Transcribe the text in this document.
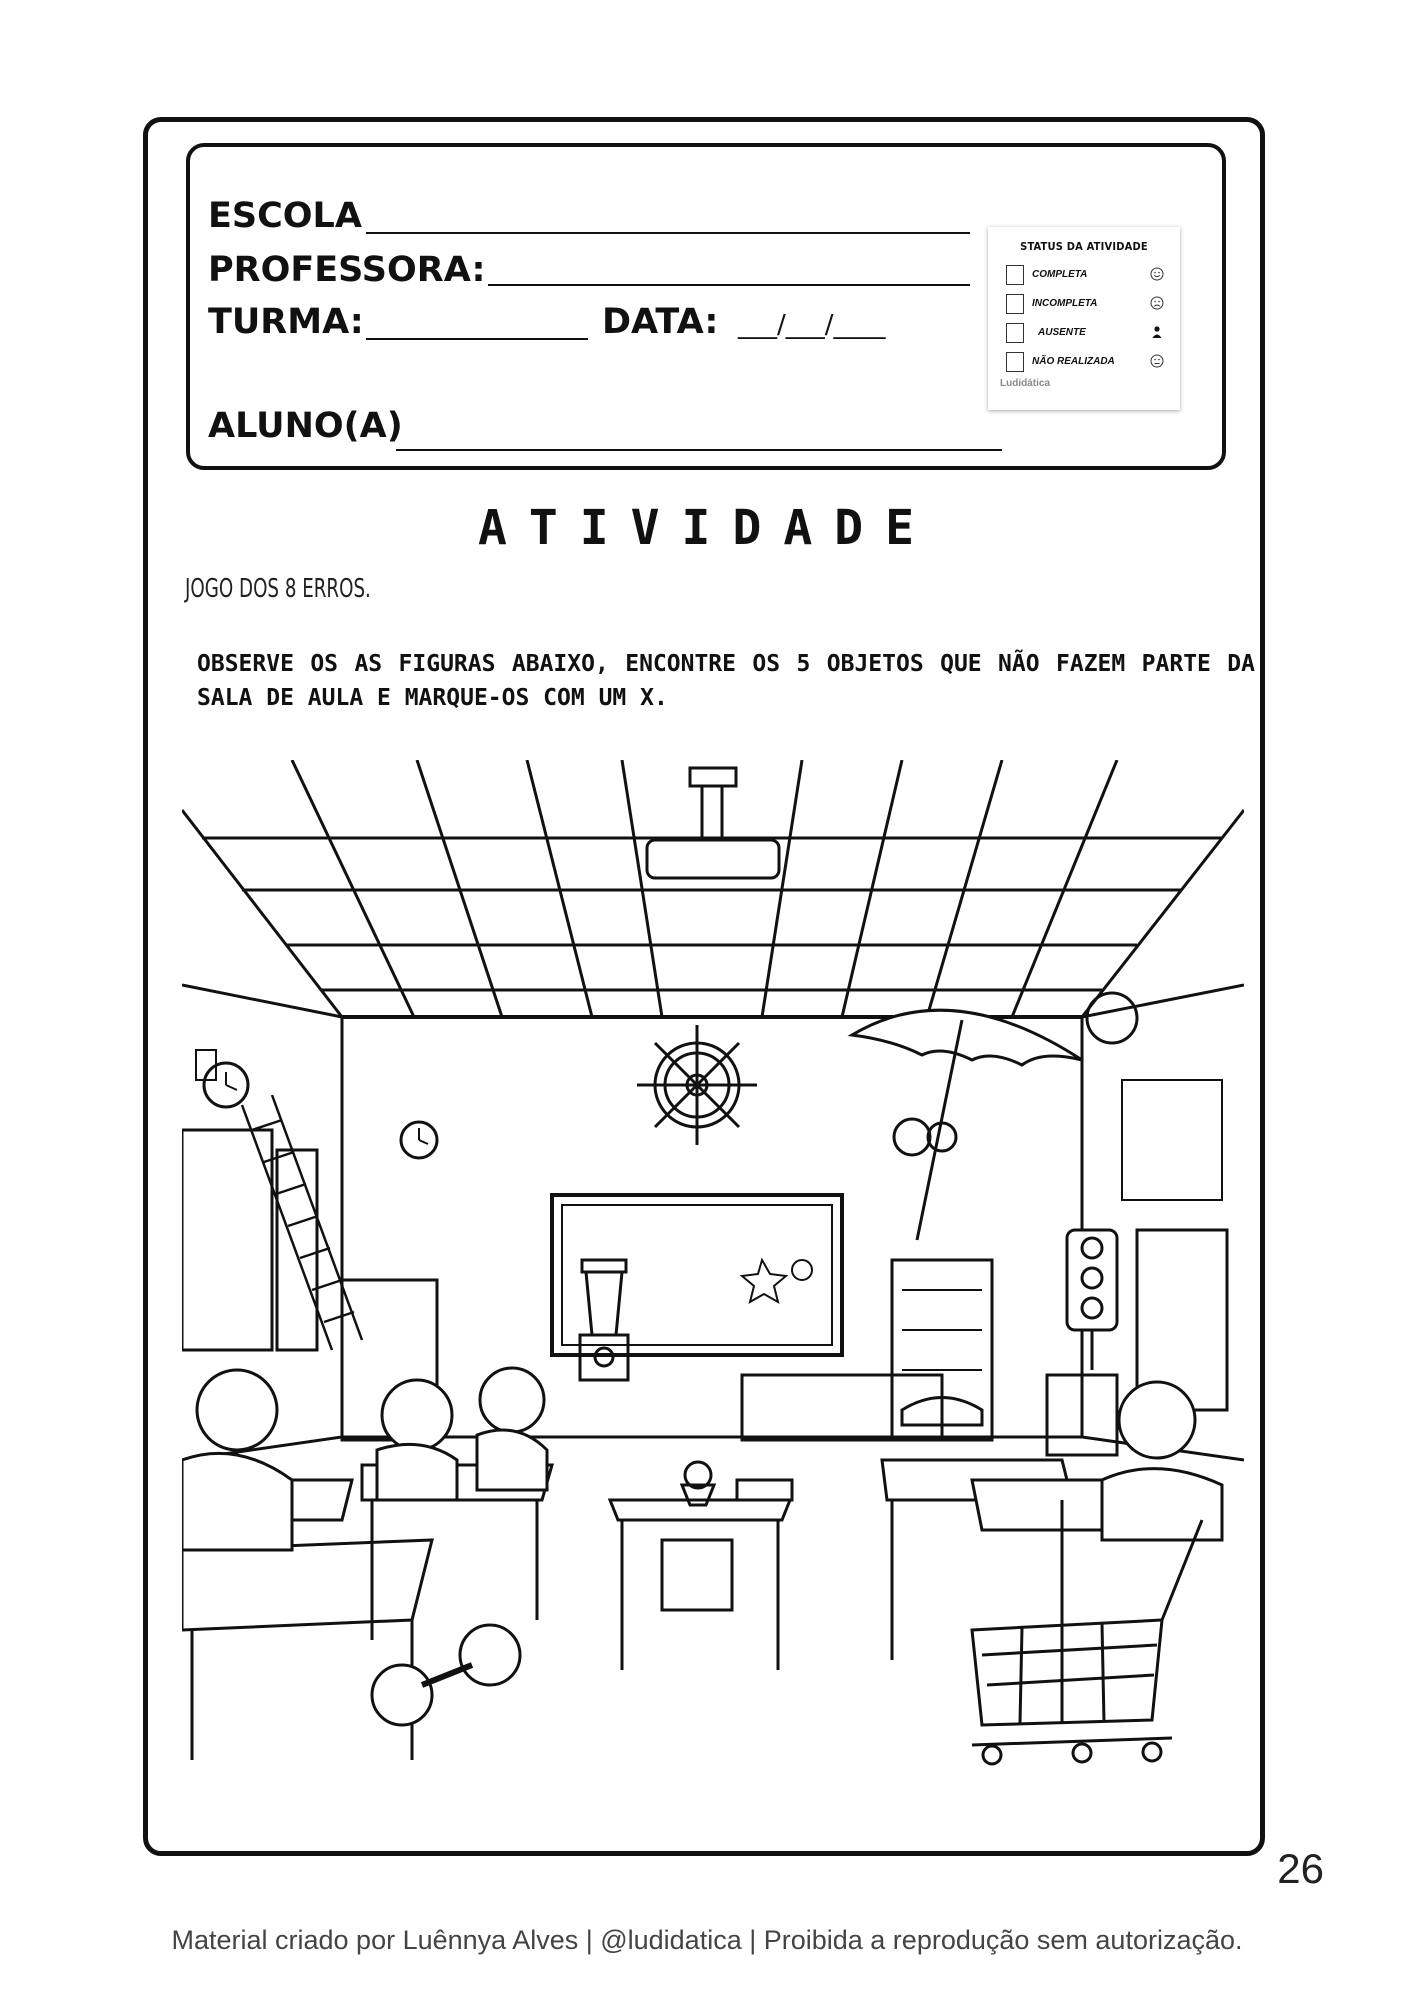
ESCOLA
PROFESSORA:
TURMA:	DATA: ___/___/____
ALUNO(A)
STATUS DA ATIVIDADE
COMPLETA
INCOMPLETA
AUSENTE
NÃO REALIZADA
Ludidática
ATIVIDADE
JOGO DOS 8 ERROS.
OBSERVE OS AS FIGURAS ABAIXO, ENCONTRE OS 5 OBJETOS QUE NÃO FAZEM PARTE DA SALA DE AULA E MARQUE-OS COM UM X.
26
Material criado por Luênnya Alves | @ludidatica | Proibida a reprodução sem autorização.
